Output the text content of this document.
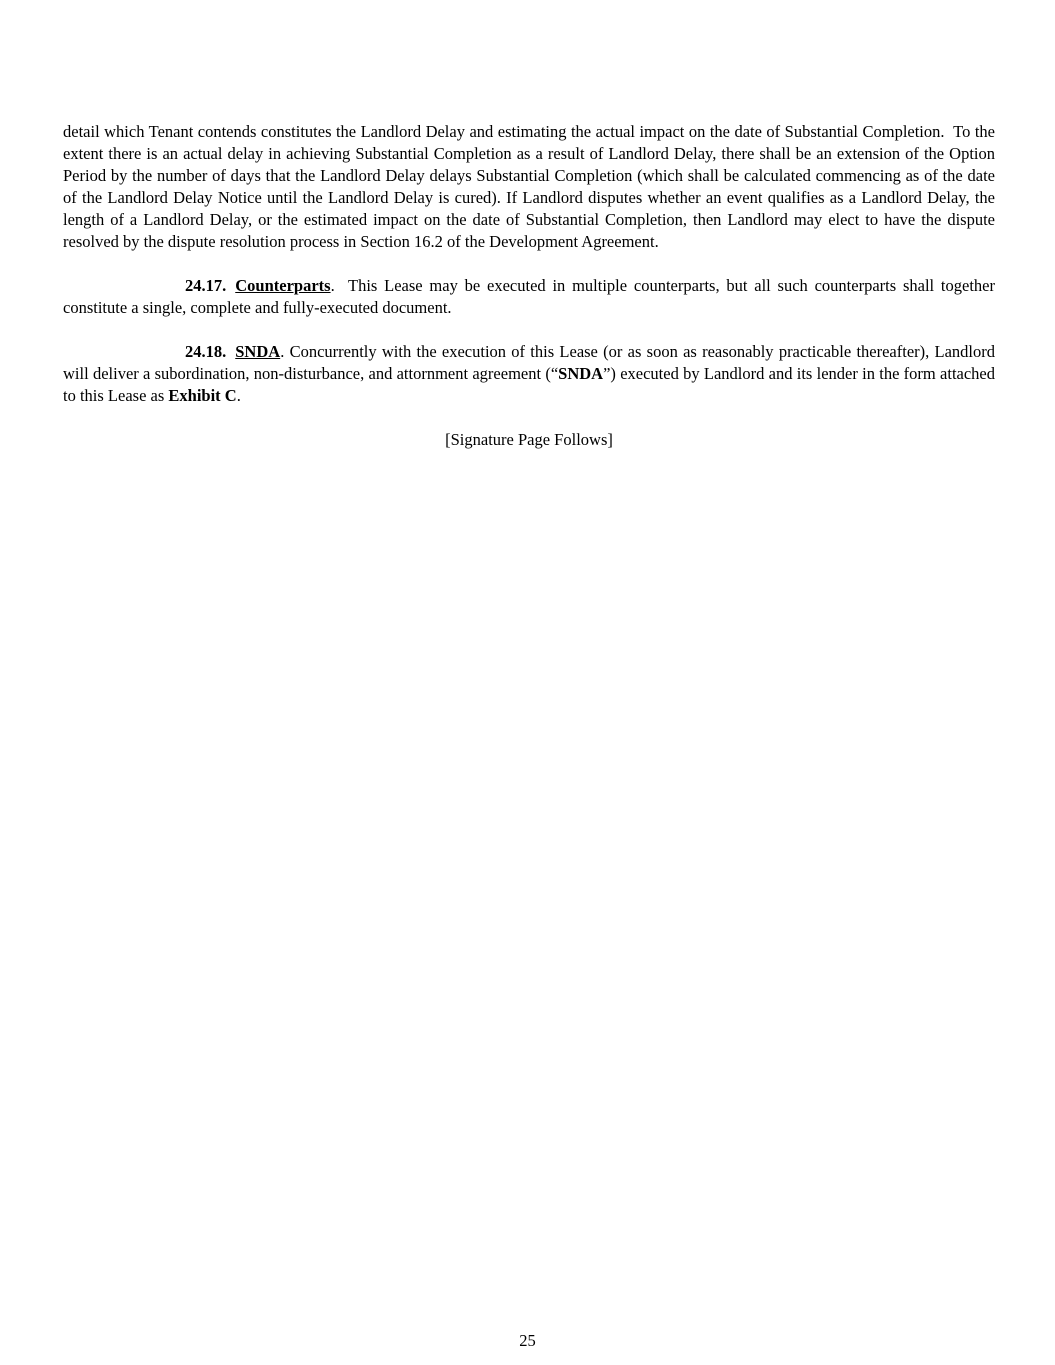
detail which Tenant contends constitutes the Landlord Delay and estimating the actual impact on the date of Substantial Completion.  To the extent there is an actual delay in achieving Substantial Completion as a result of Landlord Delay, there shall be an extension of the Option Period by the number of days that the Landlord Delay delays Substantial Completion (which shall be calculated commencing as of the date of the Landlord Delay Notice until the Landlord Delay is cured). If Landlord disputes whether an event qualifies as a Landlord Delay, the length of a Landlord Delay, or the estimated impact on the date of Substantial Completion, then Landlord may elect to have the dispute resolved by the dispute resolution process in Section 16.2 of the Development Agreement.

24.17. Counterparts.  This Lease may be executed in multiple counterparts, but all such counterparts shall together constitute a single, complete and fully-executed document.

24.18. SNDA. Concurrently with the execution of this Lease (or as soon as reasonably practicable thereafter), Landlord will deliver a subordination, non-disturbance, and attornment agreement (“SNDA”) executed by Landlord and its lender in the form attached to this Lease as Exhibit C.

[Signature Page Follows]

25
